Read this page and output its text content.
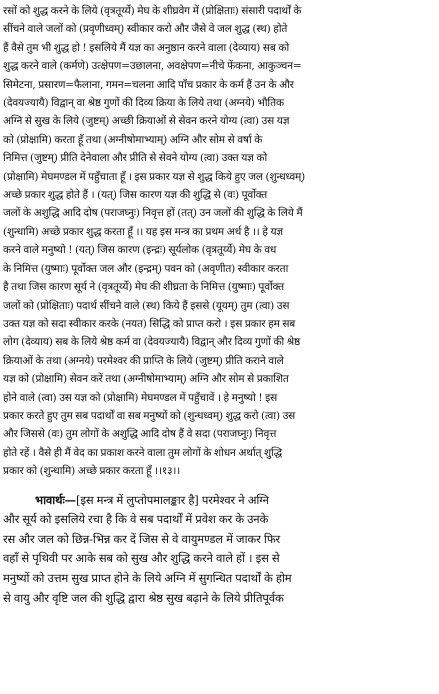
रसों को शुद्ध करने के लिये (वृत्रतूर्य्ये) मेघ के शीघ्रवेग में (प्रोक्षिताः) संसारी पदार्थों के
सींचने वाले जलों को (प्रवृणीध्वम्) स्वीकार करो और जैसे वे जल शुद्ध (स्थ) होते
हैं वैसे तुम भी शुद्ध हो ! इसलिये मैं यज्ञ का अनुष्ठान करने वाला (देव्याय) सब को
शुद्ध करने वाले (कर्मणे) उत्क्षेपण=उछालना, अवक्षेपण=नीचे फेंकना, आकुञ्चन=
सिमेटना, प्रसारण=फैलाना, गमन=चलना आदि पाँच प्रकार के कर्म हैं उन के और
(देवयज्यायै) विद्वान् वा श्रेष्ठ गुणों की दिव्य क्रिया के लिये तथा (अग्नये) भौतिक
अग्नि से सुख के लिये (जुष्टम्) अच्छी क्रियाओं से सेवन करने योग्य (त्वा) उस यज्ञ
को (प्रोक्षामि) करता हूँ तथा (अग्नीषोमाभ्याम्) अग्नि और सोम से वर्षा के
निमित्त (जुष्टम्) प्रीति देनेवाला और प्रीति से सेवने योग्य (त्वा) उक्त यज्ञ को
(प्रोक्षामि) मेघमण्डल में पहुँचाता हूँ । इस प्रकार यज्ञ से शुद्ध किये हुए जल (शुन्धध्वम्)
अच्छे प्रकार शुद्ध होते हैं । (यत्) जिस कारण यज्ञ की शुद्धि से (वः) पूर्वोक्त
जलों के अशुद्धि आदि दोष (पराजघ्नुः) निवृत्त हों (तत्) उन जलों की शुद्धि के लिये मैं
(शुन्धामि) अच्छे प्रकार शुद्ध करता हूँ ।। यह इस मन्त्र का प्रथम अर्थ है ।। हे यज्ञ
करने वाले मनुष्यो ! (यत्) जिस कारण (इन्द्रः) सूर्यलोक (वृत्रतूर्य्ये) मेघ के वध
के निमित्त (युष्माः) पूर्वोक्त जल और (इन्द्रम्) पवन को (अवृणीत) स्वीकार करता
है तथा जिस कारण सूर्य ने (वृत्रतूर्य्ये) मेघ की शीघ्रता के निमित्त (युष्माः) पूर्वोक्त
जलों को (प्रोक्षिताः) पदार्थ सींचने वाले (स्थ) किये हैं इससे (यूयम्) तुम (त्वा) उस
उक्त यज्ञ को सदा स्वीकार करके (नयत) सिद्धि को प्राप्त करो । इस प्रकार हम सब
लोग (देव्याय) सब के लिये श्रेष्ठ कर्म वा (देवयज्यायै) विद्वान् और दिव्य गुणों की श्रेष्ठ
क्रियाओं के तथा (अग्नये) परमेश्वर की प्राप्ति के लिये (जुष्टम्) प्रीति कराने वाले
यज्ञ को (प्रोक्षामि) सेवन करें तथा (अग्नीषोमाभ्याम्) अग्नि और सोम से प्रकाशित
होने वाले (त्वा) उस यज्ञ को (प्रोक्षामि) मेघमण्डल में पहुँचावें । हे मनुष्यो ! इस
प्रकार करते हुए तुम सब पदार्थों वा सब मनुष्यों को (शुन्धध्वम्) शुद्ध करो (त्वा) उस
और जिससे (वः) तुम लोगों के अशुद्धि आदि दोष हैं वे सदा (पराजघ्नुः) निवृत्त
होते रहें । वैसे ही मैं वेद का प्रकाश करने वाला तुम लोगों के शोधन अर्थात् शुद्धि
प्रकार को (शुन्धामि) अच्छे प्रकार करता हूँ ।।१३।।
भावार्थः—[इस मन्त्र में लुप्तोपमालङ्कार है] परमेश्वर ने अग्नि
और सूर्य को इसलिये रचा है कि वे सब पदार्थों में प्रवेश कर के उनके
रस और जल को छिन्न-भिन्न कर दें जिस से वे वायुमण्डल में जाकर फिर
वहाँ से पृथिवी पर आके सब को सुख और शुद्धि करने वाले हों । इस से
मनुष्यों को उत्तम सुख प्राप्त होने के लिये अग्नि में सुगन्धित पदार्थों के होम
से वायु और वृष्टि जल की शुद्धि द्वारा श्रेष्ठ सुख बढ़ाने के लिये प्रीतिपूर्वक
